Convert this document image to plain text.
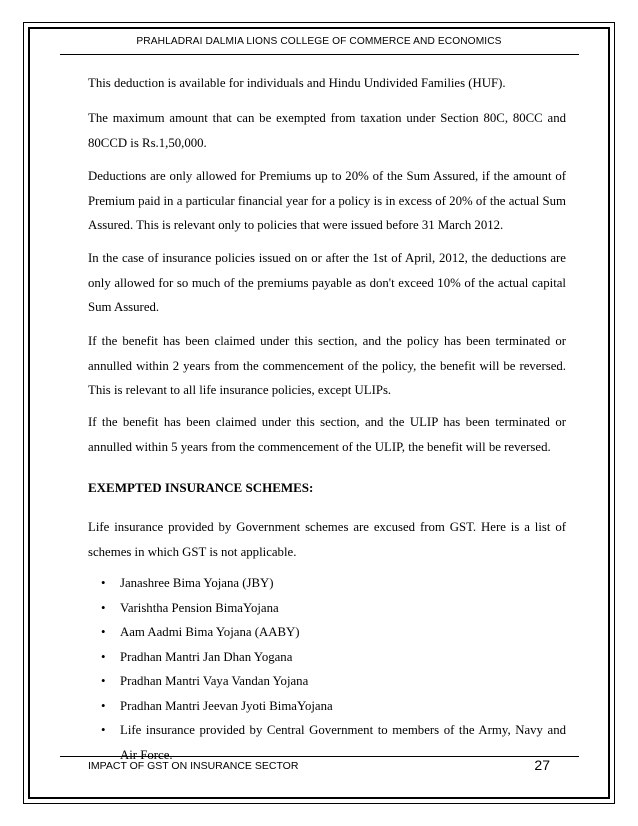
PRAHLADRAI DALMIA LIONS COLLEGE OF COMMERCE AND ECONOMICS

This deduction is available for individuals and Hindu Undivided Families (HUF).

The maximum amount that can be exempted from taxation under Section 80C, 80CC and 80CCD is Rs.1,50,000.

Deductions are only allowed for Premiums up to 20% of the Sum Assured, if the amount of Premium paid in a particular financial year for a policy is in excess of 20% of the actual Sum Assured. This is relevant only to policies that were issued before 31 March 2012.

In the case of insurance policies issued on or after the 1st of April, 2012, the deductions are only allowed for so much of the premiums payable as don't exceed 10% of the actual capital Sum Assured.

If the benefit has been claimed under this section, and the policy has been terminated or annulled within 2 years from the commencement of the policy, the benefit will be reversed. This is relevant to all life insurance policies, except ULIPs.

If the benefit has been claimed under this section, and the ULIP has been terminated or annulled within 5 years from the commencement of the ULIP, the benefit will be reversed.

EXEMPTED INSURANCE SCHEMES:

Life insurance provided by Government schemes are excused from GST. Here is a list of schemes in which GST is not applicable.

• Janashree Bima Yojana (JBY)
• Varishtha Pension BimaYojana
• Aam Aadmi Bima Yojana (AABY)
• Pradhan Mantri Jan Dhan Yogana
• Pradhan Mantri Vaya Vandan Yojana
• Pradhan Mantri Jeevan Jyoti BimaYojana
• Life insurance provided by Central Government to members of the Army, Navy and Air Force.
IMPACT OF GST ON INSURANCE SECTOR	27
